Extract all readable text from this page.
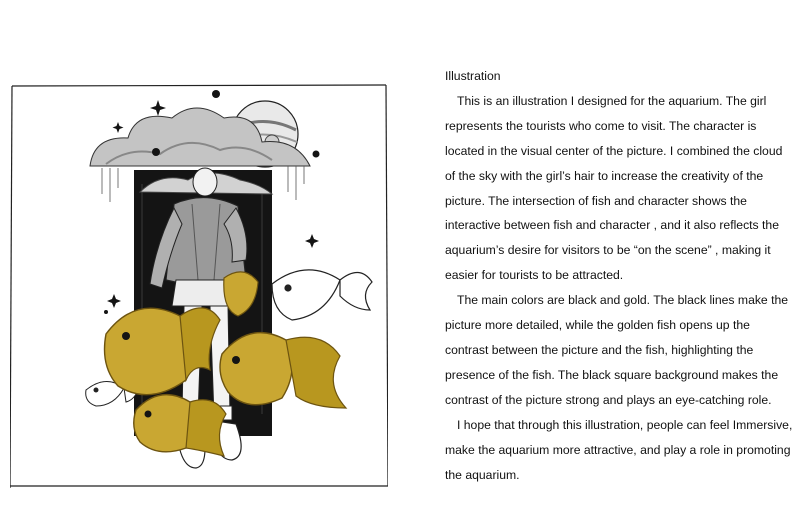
Illustration

This is an illustration I designed for the aquarium. The girl represents the tourists who come to visit. The character is located in the visual center of the picture. I combined the cloud of the sky with the girl’s hair to increase the creativity of the picture. The intersection of fish and character shows the interactive between fish and character , and it also reflects the aquarium’s desire for visitors to be “on the scene” , making it easier for tourists to be attracted.

The main colors are black and gold. The black lines make the picture more detailed, while the golden fish opens up the contrast between the picture and the fish, highlighting the presence of the fish. The black square background makes the contrast of the picture strong and plays an eye-catching role.

I hope that through this illustration, people can feel Immersive, make the aquarium more attractive, and play a role in promoting the aquarium.
